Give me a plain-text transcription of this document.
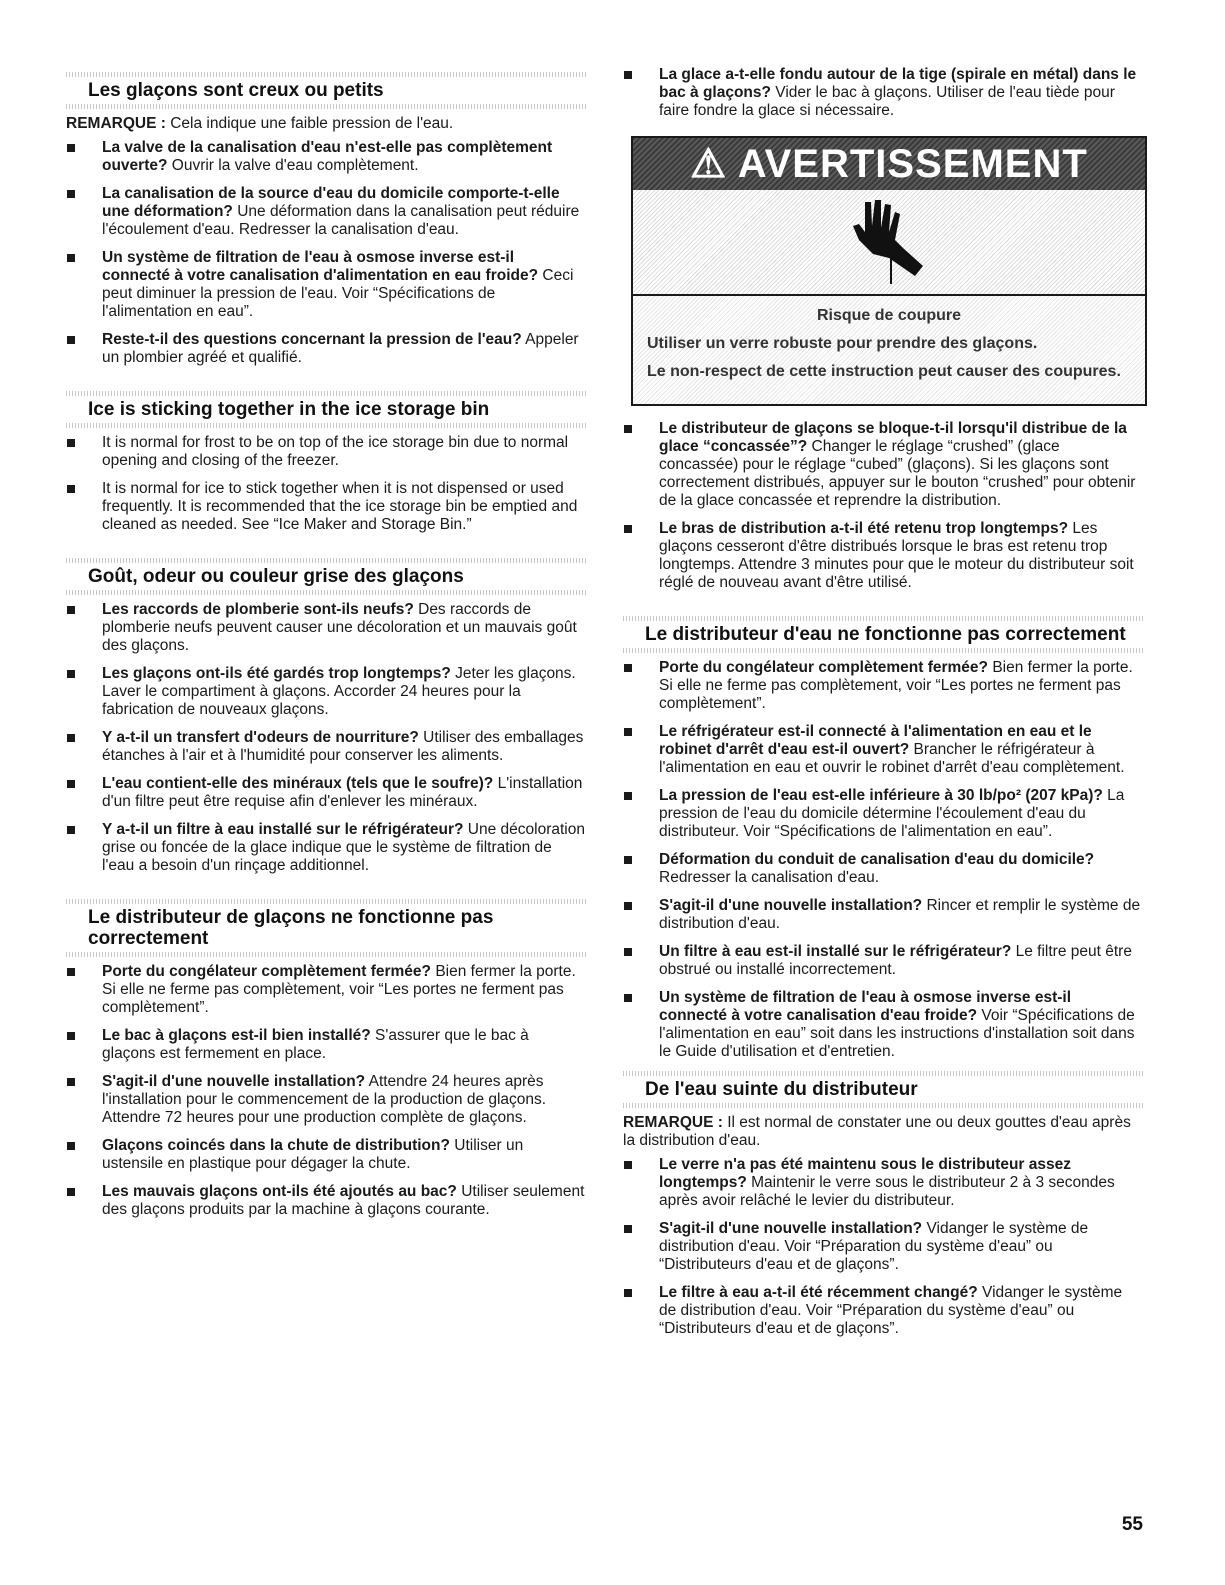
Les glaçons sont creux ou petits

REMARQUE : Cela indique une faible pression de l'eau.

La valve de la canalisation d'eau n'est-elle pas complètement ouverte? Ouvrir la valve d'eau complètement.
La canalisation de la source d'eau du domicile comporte-t-elle une déformation? Une déformation dans la canalisation peut réduire l'écoulement d'eau. Redresser la canalisation d'eau.
Un système de filtration de l'eau à osmose inverse est-il connecté à votre canalisation d'alimentation en eau froide? Ceci peut diminuer la pression de l'eau. Voir “Spécifications de l'alimentation en eau”.
Reste-t-il des questions concernant la pression de l'eau? Appeler un plombier agréé et qualifié.
Ice is sticking together in the ice storage bin
It is normal for frost to be on top of the ice storage bin due to normal opening and closing of the freezer.
It is normal for ice to stick together when it is not dispensed or used frequently. It is recommended that the ice storage bin be emptied and cleaned as needed. See “Ice Maker and Storage Bin.”
Goût, odeur ou couleur grise des glaçons
Les raccords de plomberie sont-ils neufs? Des raccords de plomberie neufs peuvent causer une décoloration et un mauvais goût des glaçons.
Les glaçons ont-ils été gardés trop longtemps? Jeter les glaçons. Laver le compartiment à glaçons. Accorder 24 heures pour la fabrication de nouveaux glaçons.
Y a-t-il un transfert d'odeurs de nourriture? Utiliser des emballages étanches à l'air et à l'humidité pour conserver les aliments.
L'eau contient-elle des minéraux (tels que le soufre)? L'installation d'un filtre peut être requise afin d'enlever les minéraux.
Y a-t-il un filtre à eau installé sur le réfrigérateur? Une décoloration grise ou foncée de la glace indique que le système de filtration de l'eau a besoin d'un rinçage additionnel.
Le distributeur de glaçons ne fonctionne pas correctement
Porte du congélateur complètement fermée? Bien fermer la porte. Si elle ne ferme pas complètement, voir “Les portes ne ferment pas complètement”.
Le bac à glaçons est-il bien installé? S'assurer que le bac à glaçons est fermement en place.
S'agit-il d'une nouvelle installation? Attendre 24 heures après l'installation pour le commencement de la production de glaçons. Attendre 72 heures pour une production complète de glaçons.
Glaçons coincés dans la chute de distribution? Utiliser un ustensile en plastique pour dégager la chute.
Les mauvais glaçons ont-ils été ajoutés au bac? Utiliser seulement des glaçons produits par la machine à glaçons courante.
La glace a-t-elle fondu autour de la tige (spirale en métal) dans le bac à glaçons? Vider le bac à glaçons. Utiliser de l'eau tiède pour faire fondre la glace si nécessaire.
⚠ AVERTISSEMENT
Risque de coupure
Utiliser un verre robuste pour prendre des glaçons.
Le non-respect de cette instruction peut causer des coupures.
Le distributeur de glaçons se bloque-t-il lorsqu'il distribue de la glace “concassée”? Changer le réglage “crushed” (glace concassée) pour le réglage “cubed” (glaçons). Si les glaçons sont correctement distribués, appuyer sur le bouton “crushed” pour obtenir de la glace concassée et reprendre la distribution.
Le bras de distribution a-t-il été retenu trop longtemps? Les glaçons cesseront d'être distribués lorsque le bras est retenu trop longtemps. Attendre 3 minutes pour que le moteur du distributeur soit réglé de nouveau avant d'être utilisé.
Le distributeur d'eau ne fonctionne pas correctement
Porte du congélateur complètement fermée? Bien fermer la porte. Si elle ne ferme pas complètement, voir “Les portes ne ferment pas complètement”.
Le réfrigérateur est-il connecté à l'alimentation en eau et le robinet d'arrêt d'eau est-il ouvert? Brancher le réfrigérateur à l'alimentation en eau et ouvrir le robinet d'arrêt d'eau complètement.
La pression de l'eau est-elle inférieure à 30 lb/po² (207 kPa)? La pression de l'eau du domicile détermine l'écoulement d'eau du distributeur. Voir “Spécifications de l'alimentation en eau”.
Déformation du conduit de canalisation d'eau du domicile? Redresser la canalisation d'eau.
S'agit-il d'une nouvelle installation? Rincer et remplir le système de distribution d'eau.
Un filtre à eau est-il installé sur le réfrigérateur? Le filtre peut être obstrué ou installé incorrectement.
Un système de filtration de l'eau à osmose inverse est-il connecté à votre canalisation d'eau froide? Voir “Spécifications de l'alimentation en eau” soit dans les instructions d'installation soit dans le Guide d'utilisation et d'entretien.
De l'eau suinte du distributeur

REMARQUE : Il est normal de constater une ou deux gouttes d'eau après la distribution d'eau.

Le verre n'a pas été maintenu sous le distributeur assez longtemps? Maintenir le verre sous le distributeur 2 à 3 secondes après avoir relâché le levier du distributeur.
S'agit-il d'une nouvelle installation? Vidanger le système de distribution d'eau. Voir “Préparation du système d'eau” ou “Distributeurs d'eau et de glaçons”.
Le filtre à eau a-t-il été récemment changé? Vidanger le système de distribution d'eau. Voir “Préparation du système d'eau” ou “Distributeurs d'eau et de glaçons”.
55
